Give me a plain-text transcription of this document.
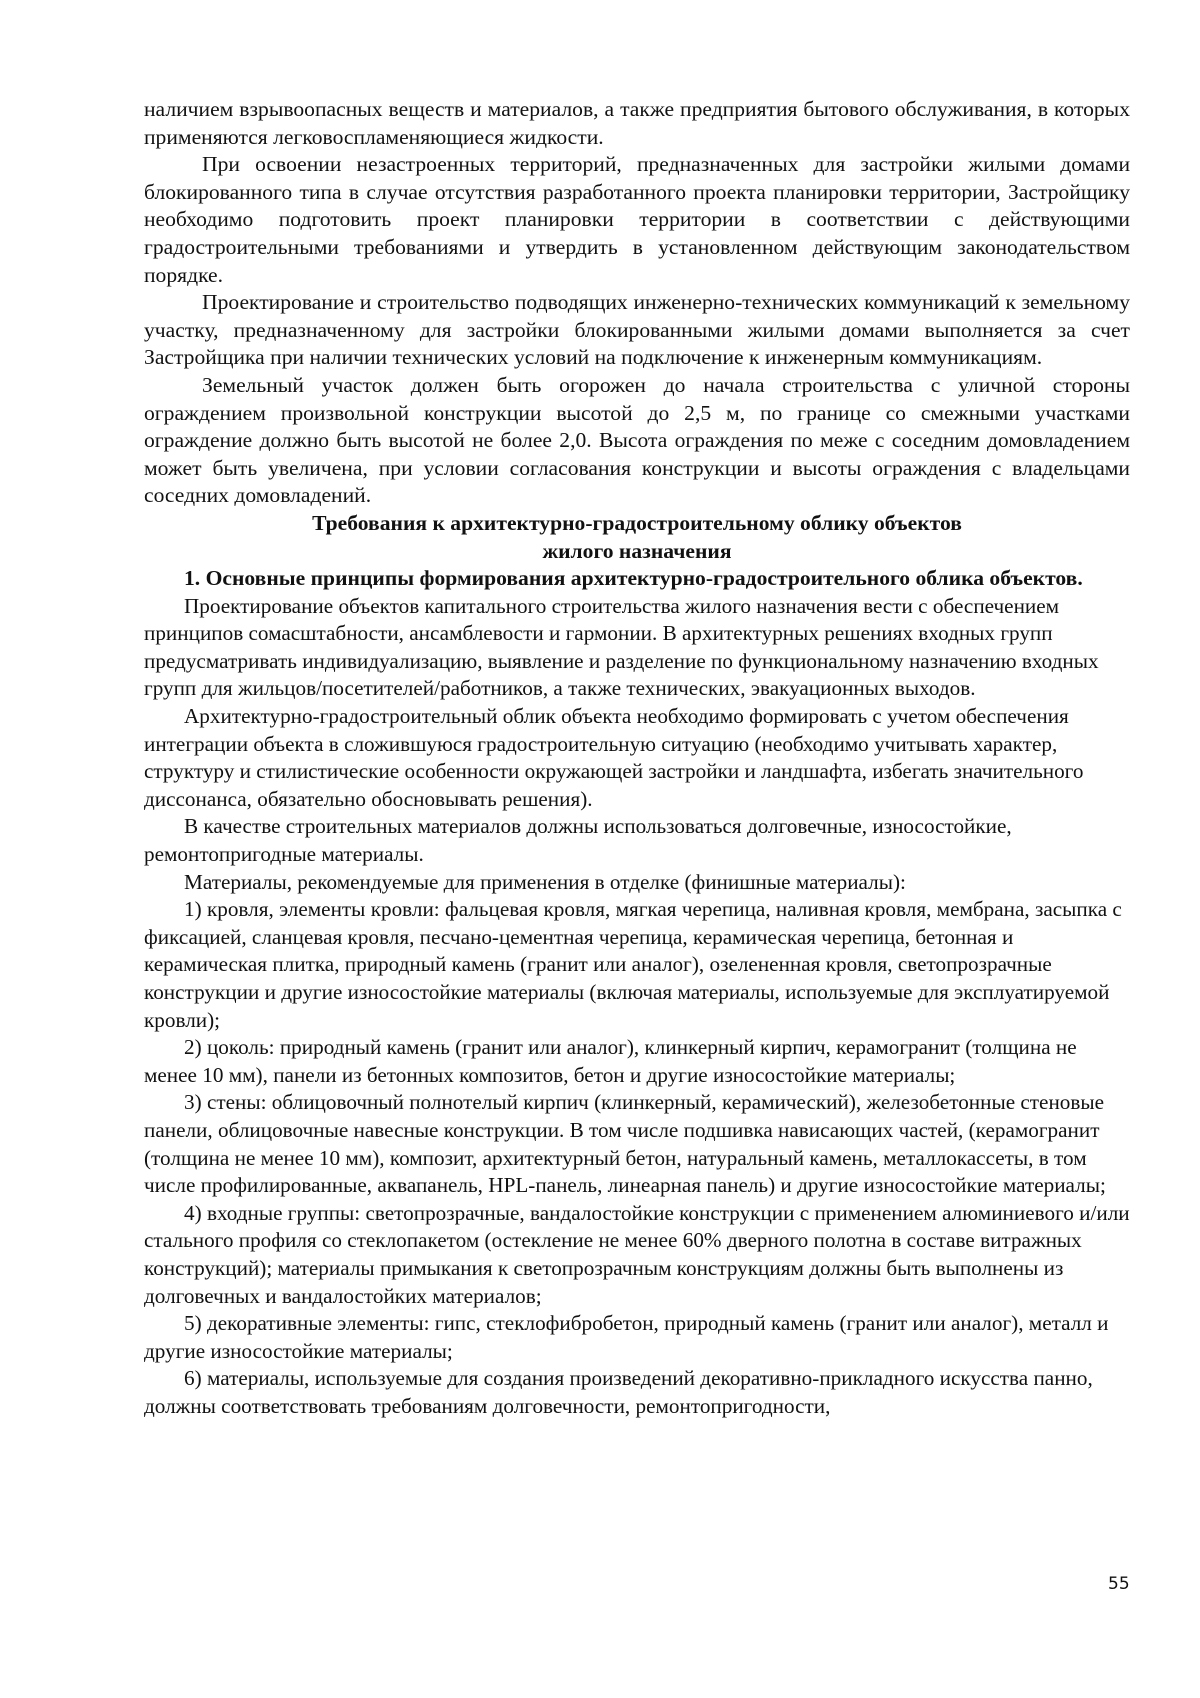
наличием взрывоопасных веществ и материалов, а также предприятия бытового обслуживания, в которых применяются легковоспламеняющиеся жидкости.

При освоении незастроенных территорий, предназначенных для застройки жилыми домами блокированного типа в случае отсутствия разработанного проекта планировки территории, Застройщику необходимо подготовить проект планировки территории в соответствии с действующими градостроительными требованиями и утвердить в установленном действующим законодательством порядке.

Проектирование и строительство подводящих инженерно-технических коммуникаций к земельному участку, предназначенному для застройки блокированными жилыми домами выполняется за счет Застройщика при наличии технических условий на подключение к инженерным коммуникациям.

Земельный участок должен быть огорожен до начала строительства с уличной стороны ограждением произвольной конструкции высотой до 2,5 м, по границе со смежными участками ограждение должно быть высотой не более 2,0. Высота ограждения по меже с соседним домовладением может быть увеличена, при условии согласования конструкции и высоты ограждения с владельцами соседних домовладений.

Требования к архитектурно-градостроительному облику объектов
жилого назначения

1. Основные принципы формирования архитектурно-градостроительного облика объектов.

Проектирование объектов капитального строительства жилого назначения вести с обеспечением принципов сомасштабности, ансамблевости и гармонии. В архитектурных решениях входных групп предусматривать индивидуализацию, выявление и разделение по функциональному назначению входных групп для жильцов/посетителей/работников, а также технических, эвакуационных выходов.

Архитектурно-градостроительный облик объекта необходимо формировать с учетом обеспечения интеграции объекта в сложившуюся градостроительную ситуацию (необходимо учитывать характер, структуру и стилистические особенности окружающей застройки и ландшафта, избегать значительного диссонанса, обязательно обосновывать решения).

В качестве строительных материалов должны использоваться долговечные, износостойкие, ремонтопригодные материалы.

Материалы, рекомендуемые для применения в отделке (финишные материалы):

1) кровля, элементы кровли: фальцевая кровля, мягкая черепица, наливная кровля, мембрана, засыпка с фиксацией, сланцевая кровля, песчано-цементная черепица, керамическая черепица, бетонная и керамическая плитка, природный камень (гранит или аналог), озелененная кровля, светопрозрачные конструкции и другие износостойкие материалы (включая материалы, используемые для эксплуатируемой кровли);

2) цоколь: природный камень (гранит или аналог), клинкерный кирпич, керамогранит (толщина не менее 10 мм), панели из бетонных композитов, бетон и другие износостойкие материалы;

3) стены: облицовочный полнотелый кирпич (клинкерный, керамический), железобетонные стеновые панели, облицовочные навесные конструкции. В том числе подшивка нависающих частей, (керамогранит (толщина не менее 10 мм), композит, архитектурный бетон, натуральный камень, металлокассеты, в том числе профилированные, аквапанель, HPL-панель, линеарная панель) и другие износостойкие материалы;

4) входные группы: светопрозрачные, вандалостойкие конструкции с применением алюминиевого и/или стального профиля со стеклопакетом (остекление не менее 60% дверного полотна в составе витражных конструкций); материалы примыкания к светопрозрачным конструкциям должны быть выполнены из долговечных и вандалостойких материалов;

5) декоративные элементы: гипс, стеклофибробетон, природный камень (гранит или аналог), металл и другие износостойкие материалы;

6) материалы, используемые для создания произведений декоративно-прикладного искусства панно, должны соответствовать требованиям долговечности, ремонтопригодности,

55
